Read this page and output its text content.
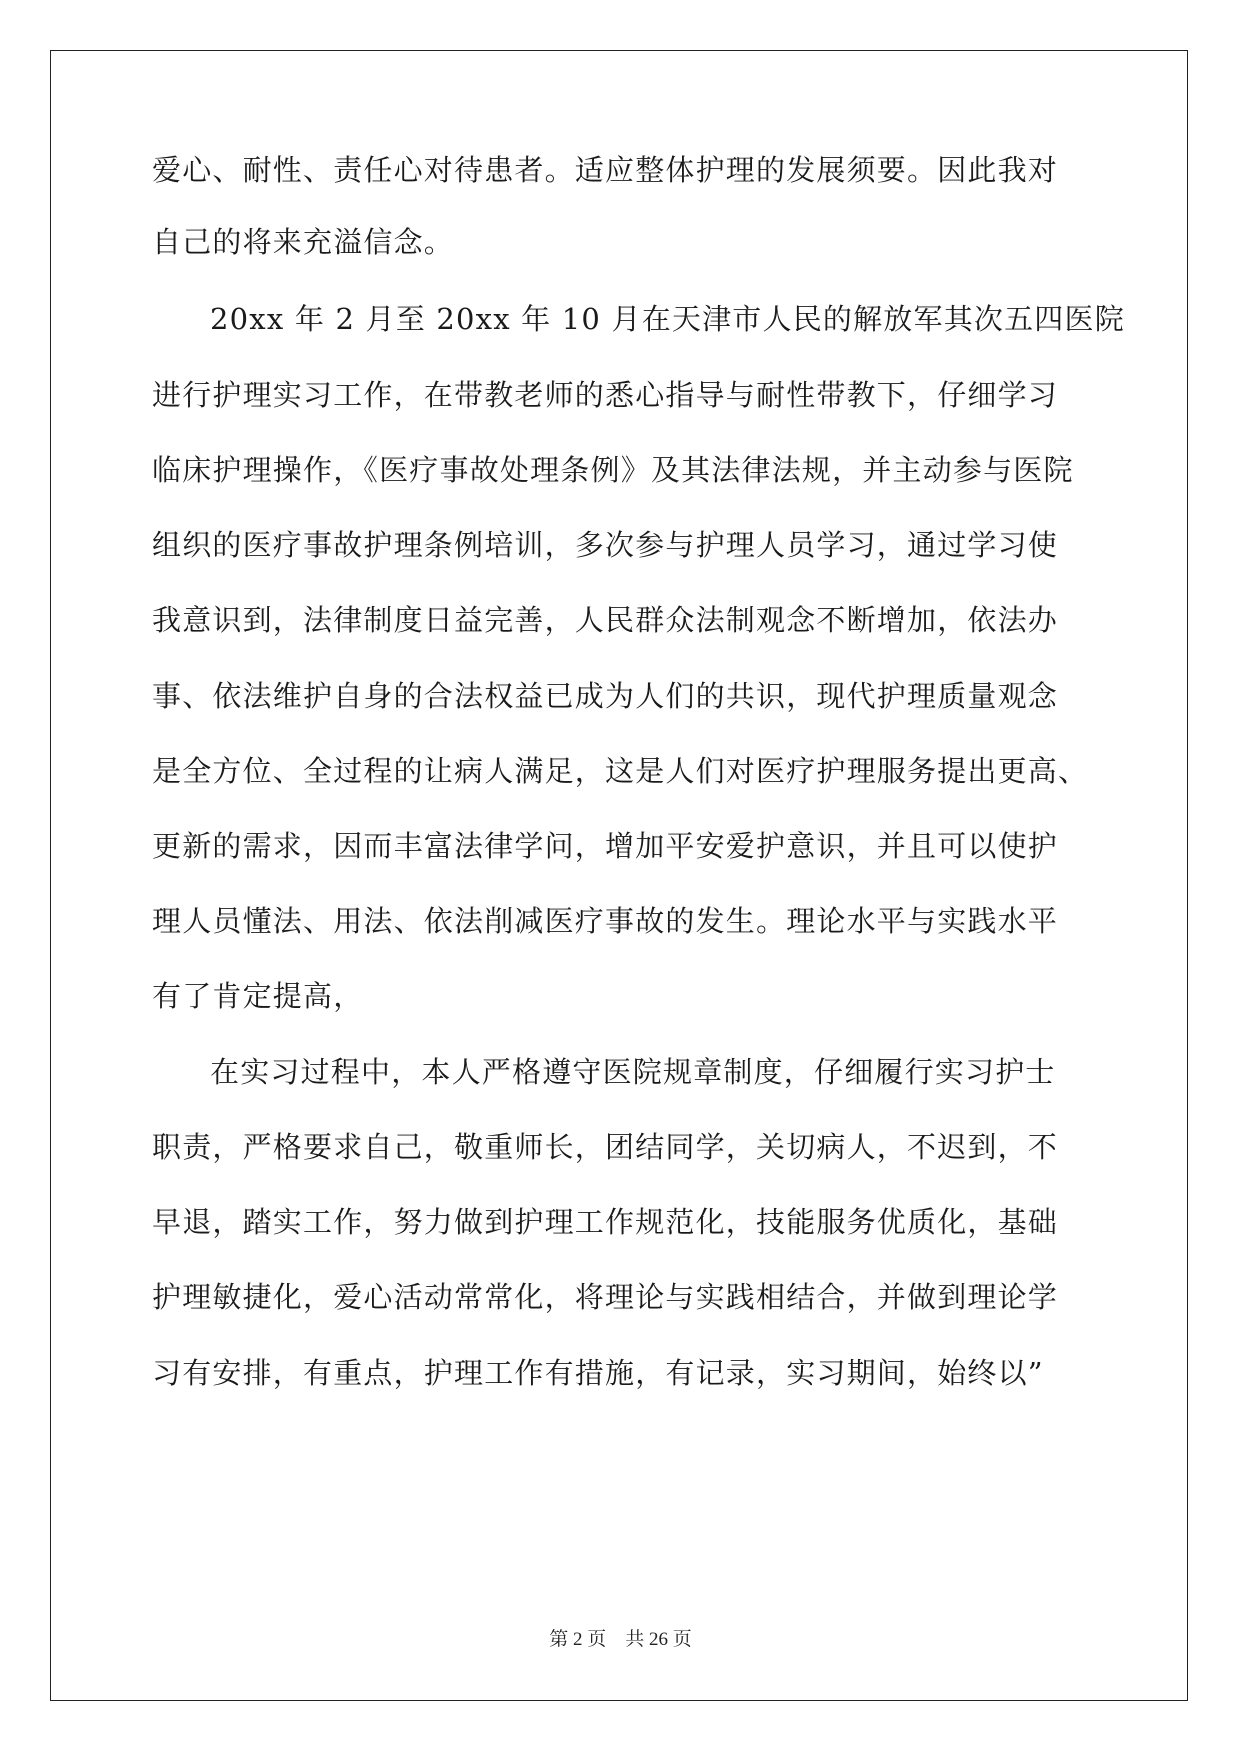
爱心、耐性、责任心对待患者。适应整体护理的发展须要。因此我对

自己的将来充溢信念。

20xx 年 2 月至 20xx 年 10 月在天津市人民的解放军其次五四医院

进行护理实习工作，在带教老师的悉心指导与耐性带教下，仔细学习

临床护理操作，《医疗事故处理条例》及其法律法规，并主动参与医院

组织的医疗事故护理条例培训，多次参与护理人员学习，通过学习使

我意识到，法律制度日益完善，人民群众法制观念不断增加，依法办

事、依法维护自身的合法权益已成为人们的共识，现代护理质量观念

是全方位、全过程的让病人满足，这是人们对医疗护理服务提出更高、

更新的需求，因而丰富法律学问，增加平安爱护意识，并且可以使护

理人员懂法、用法、依法削减医疗事故的发生。理论水平与实践水平

有了肯定提高，

在实习过程中，本人严格遵守医院规章制度，仔细履行实习护士

职责，严格要求自己，敬重师长，团结同学，关切病人，不迟到，不

早退，踏实工作，努力做到护理工作规范化，技能服务优质化，基础

护理敏捷化，爱心活动常常化，将理论与实践相结合，并做到理论学

习有安排，有重点，护理工作有措施，有记录，实习期间，始终以”

第 2 页　共 26 页
